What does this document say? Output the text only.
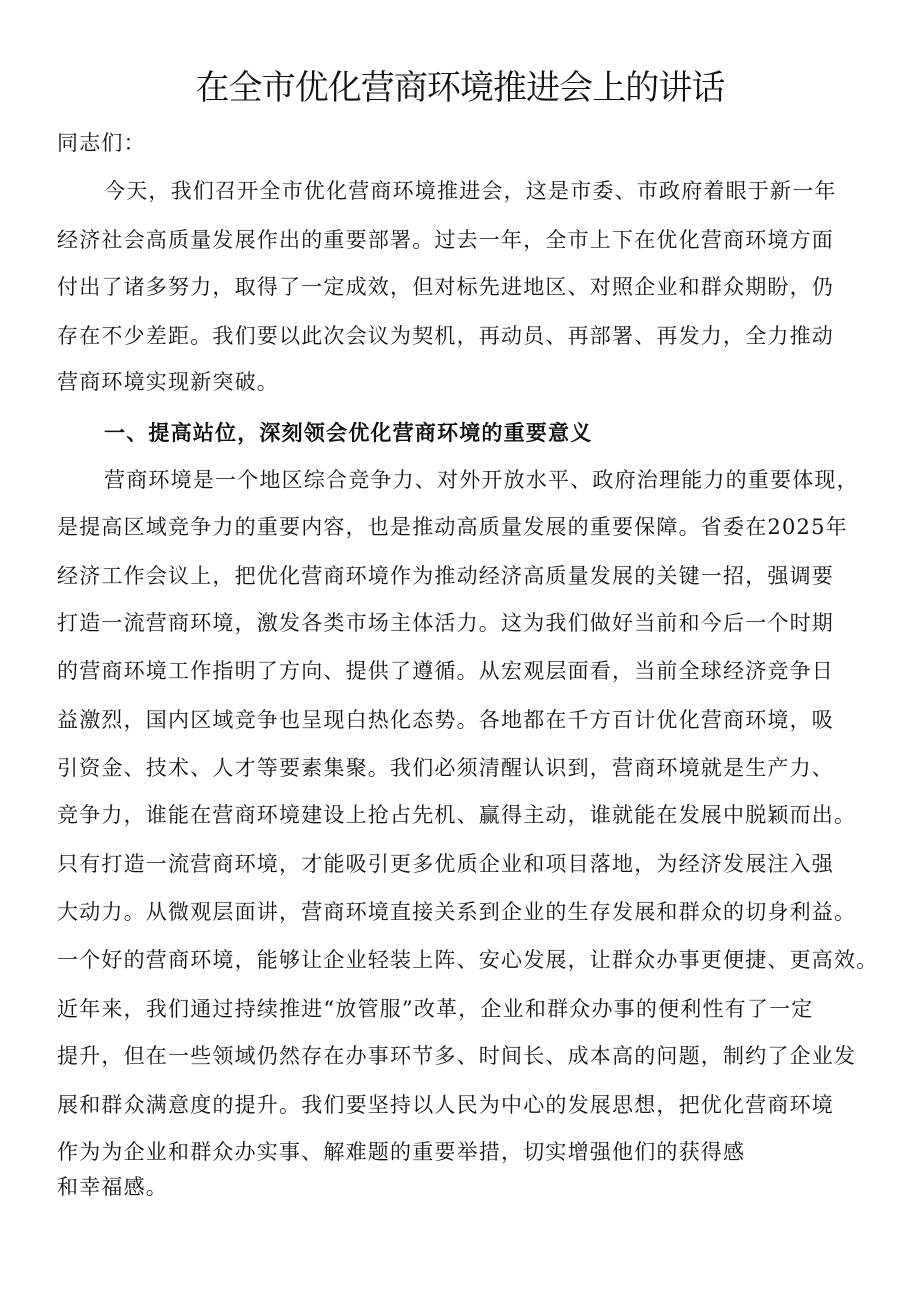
在全市优化营商环境推进会上的讲话
同志们：
今天，我们召开全市优化营商环境推进会，这是市委、市政府着眼于新一年
经济社会高质量发展作出的重要部署。过去一年，全市上下在优化营商环境方面
付出了诸多努力，取得了一定成效，但对标先进地区、对照企业和群众期盼，仍
存在不少差距。我们要以此次会议为契机，再动员、再部署、再发力，全力推动
营商环境实现新突破。
一、提高站位，深刻领会优化营商环境的重要意义
营商环境是一个地区综合竞争力、对外开放水平、政府治理能力的重要体现，
是提高区域竞争力的重要内容，也是推动高质量发展的重要保障。省委在2025年
经济工作会议上，把优化营商环境作为推动经济高质量发展的关键一招，强调要
打造一流营商环境，激发各类市场主体活力。这为我们做好当前和今后一个时期
的营商环境工作指明了方向、提供了遵循。从宏观层面看，当前全球经济竞争日
益激烈，国内区域竞争也呈现白热化态势。各地都在千方百计优化营商环境，吸
引资金、技术、人才等要素集聚。我们必须清醒认识到，营商环境就是生产力、
竞争力，谁能在营商环境建设上抢占先机、赢得主动，谁就能在发展中脱颖而出。
只有打造一流营商环境，才能吸引更多优质企业和项目落地，为经济发展注入强
大动力。从微观层面讲，营商环境直接关系到企业的生存发展和群众的切身利益。
一个好的营商环境，能够让企业轻装上阵、安心发展，让群众办事更便捷、更高效。
近年来，我们通过持续推进“放管服”改革，企业和群众办事的便利性有了一定
提升，但在一些领域仍然存在办事环节多、时间长、成本高的问题，制约了企业发
展和群众满意度的提升。我们要坚持以人民为中心的发展思想，把优化营商环境
作为为企业和群众办实事、解难题的重要举措，切实增强他们的获得感
和幸福感。
